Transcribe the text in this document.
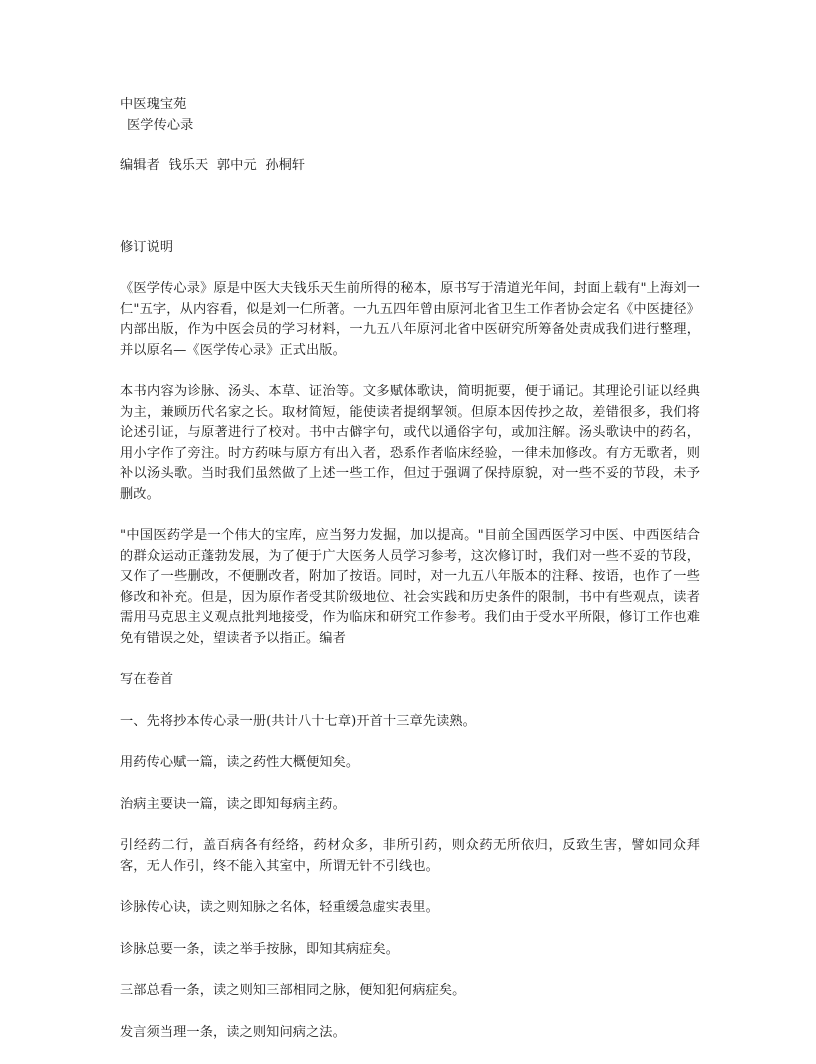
中医瑰宝苑

医学传心录

编辑者  钱乐天  郭中元  孙桐轩

修订说明

《医学传心录》原是中医大夫钱乐天生前所得的秘本，原书写于清道光年间，封面上载有"上海刘一仁"五字，从内容看，似是刘一仁所著。一九五四年曾由原河北省卫生工作者协会定名《中医捷径》内部出版，作为中医会员的学习材料，一九五八年原河北省中医研究所筹备处责成我们进行整理，并以原名—《医学传心录》正式出版。

本书内容为诊脉、汤头、本草、证治等。文多赋体歌诀，简明扼要，便于诵记。其理论引证以经典为主，兼顾历代名家之长。取材简短，能使读者提纲挈领。但原本因传抄之故，差错很多，我们将论述引证，与原著进行了校对。书中古僻字句，或代以通俗字句，或加注解。汤头歌诀中的药名，用小字作了旁注。时方药味与原方有出入者，恐系作者临床经验，一律未加修改。有方无歌者，则补以汤头歌。当时我们虽然做了上述一些工作，但过于强调了保持原貌，对一些不妥的节段，未予删改。

"中国医药学是一个伟大的宝库，应当努力发掘，加以提高。"目前全国西医学习中医、中西医结合的群众运动正蓬勃发展，为了便于广大医务人员学习参考，这次修订时，我们对一些不妥的节段，又作了一些删改，不便删改者，附加了按语。同时，对一九五八年版本的注释、按语，也作了一些修改和补充。但是，因为原作者受其阶级地位、社会实践和历史条件的限制，书中有些观点，读者需用马克思主义观点批判地接受，作为临床和研究工作参考。我们由于受水平所限，修订工作也难免有错误之处，望读者予以指正。编者

写在卷首

一、先将抄本传心录一册(共计八十七章)开首十三章先读熟。

用药传心赋一篇，读之药性大概便知矣。

治病主要诀一篇，读之即知每病主药。

引经药二行，盖百病各有经络，药材众多，非所引药，则众药无所依归，反致生害，譬如同众拜客，无人作引，终不能入其室中，所谓无针不引线也。

诊脉传心诀，读之则知脉之名体，轻重缓急虚实表里。

诊脉总要一条，读之举手按脉，即知其病症矣。

三部总看一条，读之则知三部相同之脉，便知犯何病症矣。

发言须当理一条，读之则知问病之法。
